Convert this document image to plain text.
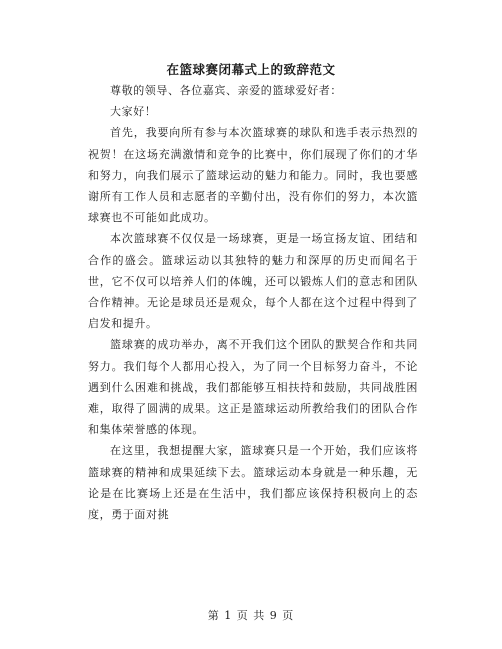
在篮球赛闭幕式上的致辞范文

尊敬的领导、各位嘉宾、亲爱的篮球爱好者：

大家好！

首先，我要向所有参与本次篮球赛的球队和选手表示热烈的祝贺！在这场充满激情和竞争的比赛中，你们展现了你们的才华和努力，向我们展示了篮球运动的魅力和能力。同时，我也要感谢所有工作人员和志愿者的辛勤付出，没有你们的努力，本次篮球赛也不可能如此成功。

本次篮球赛不仅仅是一场球赛，更是一场宣扬友谊、团结和合作的盛会。篮球运动以其独特的魅力和深厚的历史而闻名于世，它不仅可以培养人们的体魄，还可以锻炼人们的意志和团队合作精神。无论是球员还是观众，每个人都在这个过程中得到了启发和提升。

篮球赛的成功举办，离不开我们这个团队的默契合作和共同努力。我们每个人都用心投入，为了同一个目标努力奋斗，不论遇到什么困难和挑战，我们都能够互相扶持和鼓励，共同战胜困难，取得了圆满的成果。这正是篮球运动所教给我们的团队合作和集体荣誉感的体现。

在这里，我想提醒大家，篮球赛只是一个开始，我们应该将篮球赛的精神和成果延续下去。篮球运动本身就是一种乐趣，无论是在比赛场上还是在生活中，我们都应该保持积极向上的态度，勇于面对挑

第 1 页 共 9 页
